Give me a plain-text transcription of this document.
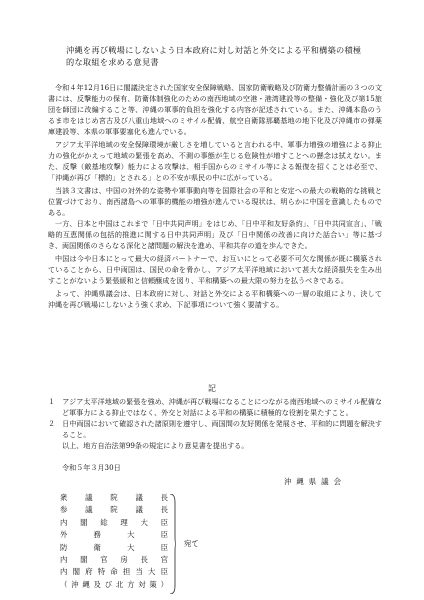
沖縄を再び戦場にしないよう日本政府に対し対話と外交による平和構築の積極的な取組を求める意見書

令和４年12月16日に閣議決定された国家安全保障戦略、国家防衛戦略及び防衛力整備計画の３つの文書には、反撃能力の保有、防衛体制強化のための南西地域の空港・港湾建設等の整備・強化及び第15旅団を師団に改編すること等、沖縄の軍事的負担を強化する内容が記述されている。また、沖縄本島のうるま市をはじめ宮古及び八重山地域へのミサイル配備、航空自衛隊那覇基地の地下化及び沖縄市の弾薬庫建設等、本県の軍事要塞化も進んでいる。

アジア太平洋地域の安全保障環境が厳しさを増していると言われる中、軍事力増強の増強による抑止力の強化がかえって地域の緊張を高め、不測の事態が生じる危険性が増すことへの懸念は拭えない。また、反撃（敵基地攻撃）能力による攻撃は、相手国からのミサイル等による報復を招くことは必至で、「沖縄が再び「標的」とされる」との不安が県民の中に広がっている。

当該３文書は、中国の対外的な姿勢や軍事動向等を国際社会の平和と安定への最大の戦略的な挑戦と位置づけており、南西諸島への軍事的機能の増強が進んでいる現状は、明らかに中国を意識したものである。

一方、日本と中国はこれまで「日中共同声明」をはじめ、「日中平和友好条約」、「日中共同宣言」、「戦略的互恵関係の包括的推進に関する日中共同声明」及び「日中関係の改善に向けた話合い」等に基づき、両国関係のさらなる深化と諸問題の解決を進め、平和共存の道を歩んできた。

中国は今や日本にとって最大の経済パートナーで、お互いにとって必要不可欠な関係が既に構築されていることから、日中両国は、国民の命を脅かし、アジア太平洋地域において甚大な経済損失を生み出すことがないよう緊張緩和と信頼醸成を図り、平和構築への最大限の努力を払うべきである。

よって、沖縄県議会は、日本政府に対し、対話と外交による平和構築への一層の取組により、決して沖縄を再び戦場にしないよう強く求め、下記事項について強く要請する。

記

１　アジア太平洋地域の緊張を強め、沖縄が再び戦場になることにつながる南西地域へのミサイル配備など軍事力による抑止ではなく、外交と対話による平和の構築に積極的な役割を果たすこと。

２　日中両国において確認された諸原則を遵守し、両国間の友好関係を発展させ、平和的に問題を解決すること。

以上、地方自治法第99条の規定により意見書を提出する。

令和５年３月30日
沖縄県議会
衆議院議長
参議院議長
内閣総理大臣
外務大臣
防衛大臣
内閣官房長官
内閣府特命担当大臣
（沖縄及び北方対策）
宛て
